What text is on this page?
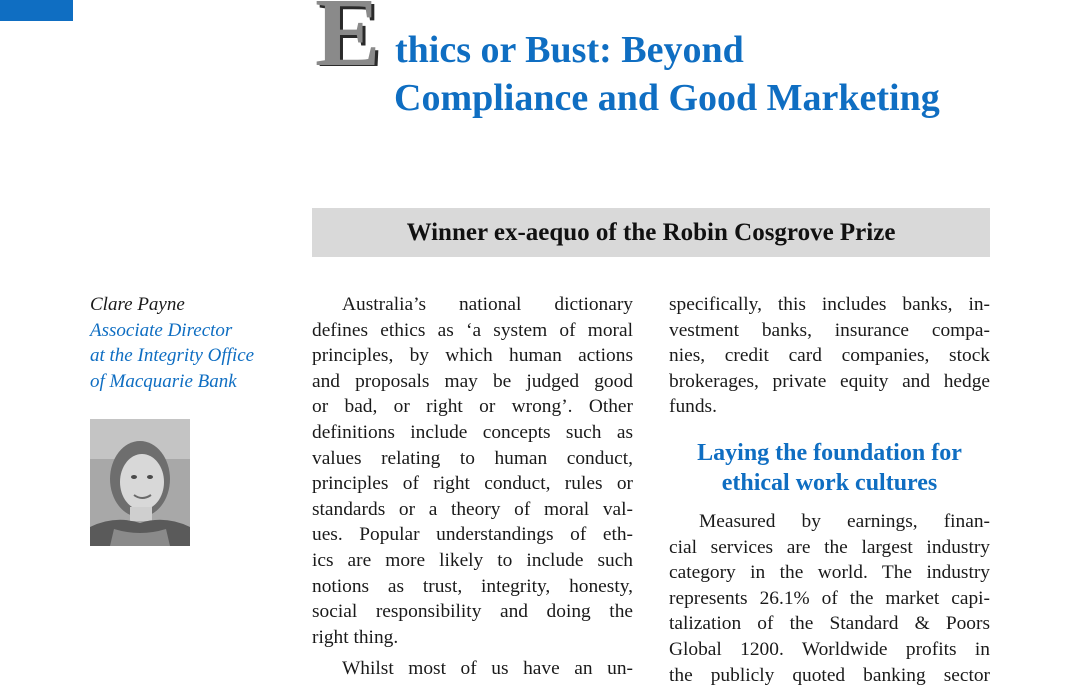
E thics or Bust: Beyond
Compliance and Good Marketing
Winner ex-aequo of the Robin Cosgrove Prize
Clare Payne
Associate Director
at the Integrity Office
of Macquarie Bank
Australia’s national dictionary
defines ethics as ‘a system of moral
principles, by which human actions
and proposals may be judged good
or bad, or right or wrong’. Other
definitions include concepts such as
values relating to human conduct,
principles of right conduct, rules or
standards or a theory of moral val-
ues. Popular understandings of eth-
ics are more likely to include such
notions as trust, integrity, honesty,
social responsibility and doing the
right thing.
Whilst most of us have an un-
specifically, this includes banks, in-
vestment banks, insurance compa-
nies, credit card companies, stock
brokerages, private equity and hedge
funds.
Laying the foundation for
ethical work cultures
Measured by earnings, finan-
cial services are the largest industry
category in the world. The industry
represents 26.1% of the market capi-
talization of the Standard & Poors
Global 1200. Worldwide profits in
the publicly quoted banking sector
